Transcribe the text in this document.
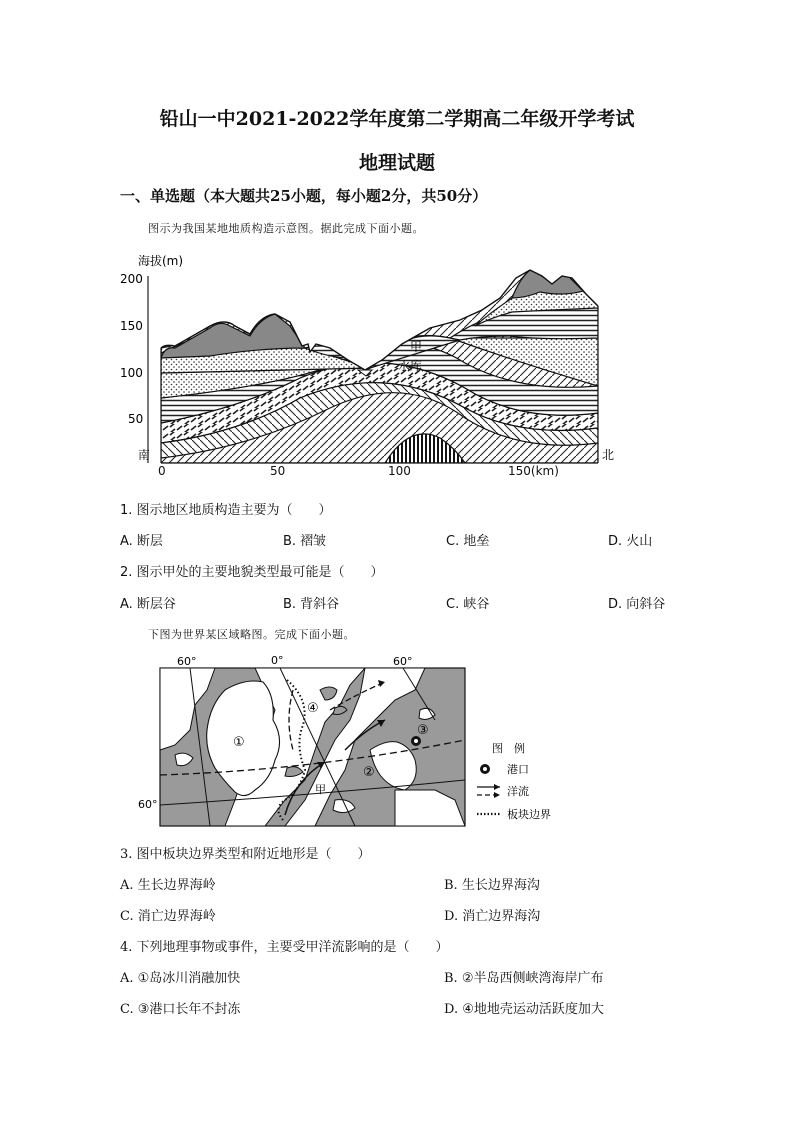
铅山一中2021-2022学年度第二学期高二年级开学考试
地理试题
一、单选题（本大题共25小题，每小题2分，共50分）
图示为我国某地地质构造示意图。据此完成下面小题。
海拔(m)
200
150
100
50
甲
水库
南	北
0	50	100	150(km)
1. 图示地区地质构造主要为（　　）
A. 断层	B. 褶皱	C. 地垒	D. 火山
2. 图示甲处的主要地貌类型最可能是（　　）
A. 断层谷	B. 背斜谷	C. 峡谷	D. 向斜谷
下图为世界某区域略图。完成下面小题。
60°	0°	60°
60°
①
②
③
④
甲
图　例
港口
洋流
板块边界
3. 图中板块边界类型和附近地形是（　　）
A. 生长边界海岭	B. 生长边界海沟
C. 消亡边界海岭	D. 消亡边界海沟
4. 下列地理事物或事件，主要受甲洋流影响的是（　　）
A. ①岛冰川消融加快	B. ②半岛西侧峡湾海岸广布
C. ③港口长年不封冻	D. ④地地壳运动活跃度加大
